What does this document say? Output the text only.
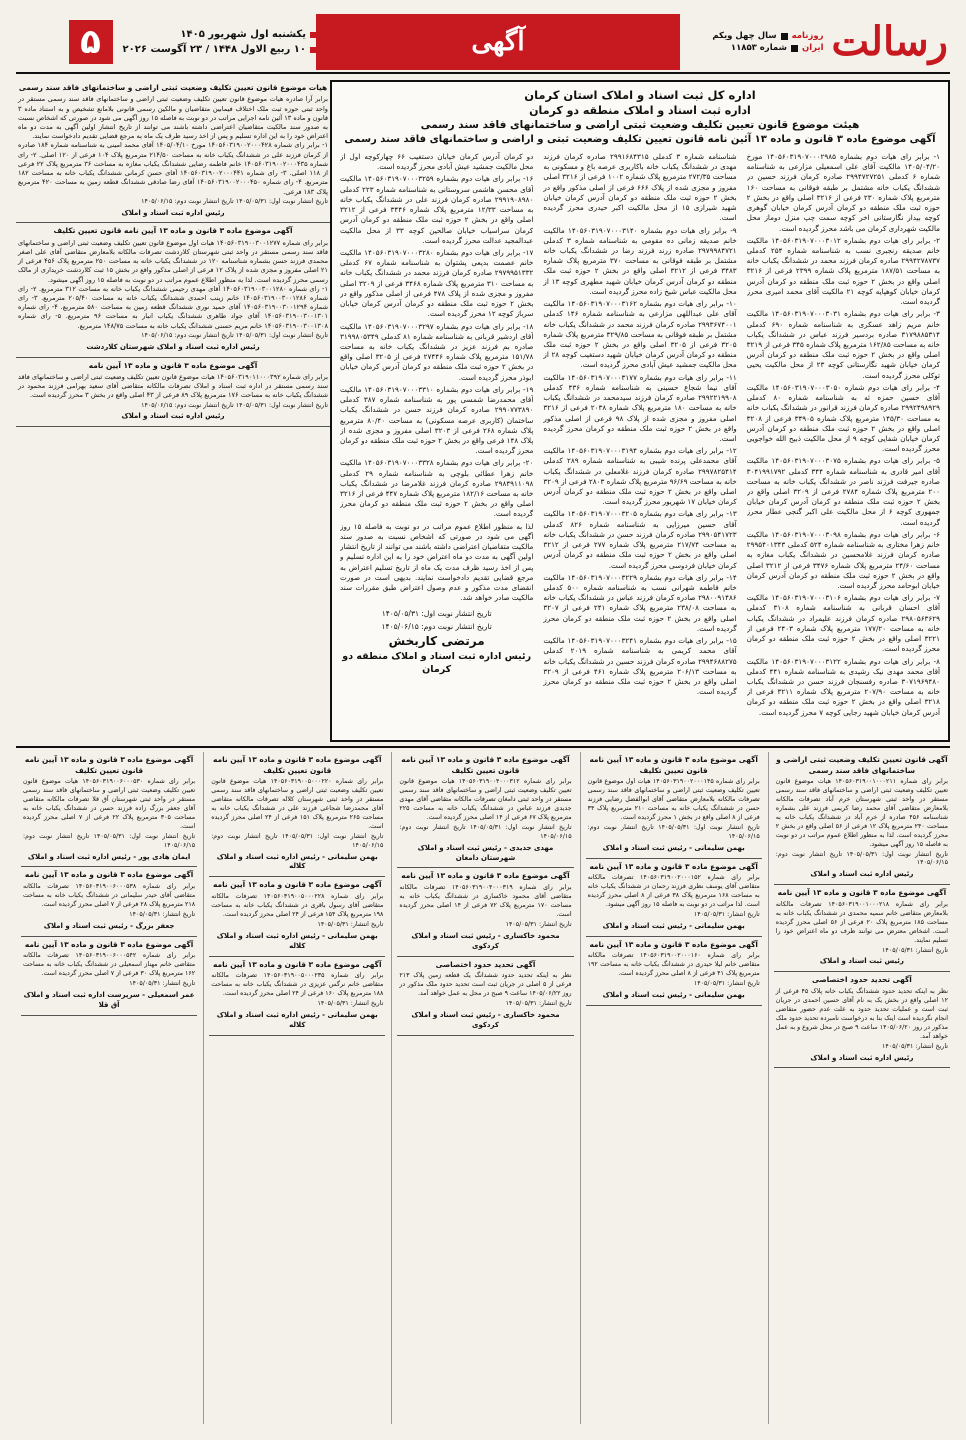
رسالت
روزنامه
سال چهل ویکم
ایران
شماره ۱۱۸۵۳
آگهی
یکشنبه اول شهریور ۱۴۰۵
۱۰ ربیع الاول ۱۴۴۸ / ۲۳ آگوست ۲۰۲۶
۵
اداره کل ثبت اسناد و املاک استان کرمان
اداره ثبت اسناد و املاک منطقه دو کرمان
هیئت موضوع قانون تعیین تکلیف وضعیت ثبتی اراضی و ساختمانهای فاقد سند رسمی
آگهی موضوع ماده ۳ قانون و ماده ۱۳ آئین نامه قانون تعیین تکلیف وضعیت ثبتی و اراضی و ساختمانهای فاقد سند رسمی

۱- برابر رای هیات دوم بشماره ۱۴۰۵۶۰۳۱۹۰۷۰۰۰۲۹۸۵ مورخ ۱۴۰۵/۰۴/۲۰ مالکیت آقای علی اسمعیلی مزارعی به شناسنامه شماره ۶ کدملی ۲۹۹۴۷۲۷۲۵۱ صادره کرمان فرزند حسین در ششدانگ یکباب خانه مشتمل بر طبقه فوقانی به مساحت ۱۶۰ مترمربع پلاک شماره ۲۳۰ فرعی از ۳۲۱۶ اصلی واقع در بخش ۲ حوزه ثبت ملک منطقه دو کرمان آدرس کرمان خیابان گوهری کوچه بیدار نگارستانی اخر کوچه سمت چپ منزل دوماز محل مالکیت شهرداری کرمان می باشد محرز گردیده است.

۲- برابر رای هیات دوم بشماره ۱۴۰۵۶۰۳۱۹۰۷۰۰۰۳۰۱۲ مالکیت خانم صدیقه رنجبری نسب به شناسنامه شماره ۲۵۴ کدملی ۲۹۹۴۲۷۸۷۳۷ صادره کرمان فرزند محمد در ششدانگ یکباب خانه به مساحت ۱۸۷/۵۱ مترمربع پلاک شماره ۲۳۹۹ فرعی از ۳۲۱۶ اصلی واقع در بخش ۲ حوزه ثبت ملک منطقه دو کرمان آدرس کرمان خیابان کوهپایه کوچه ۲۱ مالکیت آقای محمد امیری محرز گردیده است.

۳- برابر رای هیات دوم بشماره ۱۴۰۵۶۰۳۱۹۰۷۰۰۰۳۰۳۱ مالکیت خانم مریم زاهد عسکری به شناسنامه شماره ۶۹۰ کدملی ۳۱۷۹۸۸۵۳۱۴ صادره بردسیر فرزند عباس در ششدانگ یکباب خانه به مساحت ۱۶۲/۸۵ مترمربع پلاک شماره ۳۴۵ فرعی از ۳۲۱۹ اصلی واقع در بخش ۲ حوزه ثبت ملک منطقه دو کرمان آدرس کرمان خیابان شهید نگارستانی کوچه ۲۳ از محل مالکیت یحیی توکلی محرز گردیده است.

۴- برابر رای هیات دوم شماره ۱۴۰۵۶۰۳۱۹۰۷۰۰۰۳۰۵۰ مالکیت آقای حسین حمزه ئه به شناسنامه شماره ۸۰ کدملی ۲۹۹۲۴۹۸۹۲۹ صادره کرمان فرزند قرانور در ششدانگ یکباب خانه به مساحت ۱۴۵/۳۰ مترمربع پلاک شماره ۳۴۹۰۵ فرعی از ۳۲۰۸ اصلی واقع در بخش ۲ حوزه ثبت ملک منطقه دو کرمان آدرس کرمان خیابان شفایی کوچه ۹ از محل مالکیت ذبیح الله خواجویی محرز گردیده است.

۵- برابر رای هیات دوم بشماره ۱۴۰۵۶۰۳۱۹۰۷۰۰۰۳۰۷۵ مالکیت آقای امیر قادری به شناسنامه شماره ۳۴۴ کدملی ۳۰۴۱۹۹۱۷۹۲ صادره جیرفت فرزند ناصر در ششدانگ یکباب خانه به مساحت ۲۰۰ مترمربع پلاک شماره ۲۷۸۴ فرعی از ۳۲۰۹ اصلی واقع در بخش ۲ حوزه ثبت ملک منطقه دو کرمان آدرس کرمان خیابان جمهوری کوچه ۶ از محل مالکیت علی اکبر گنجی عطار محرز گردیده است.

۶- برابر رای هیات دوم بشماره ۱۴۰۵۶۰۳۱۹۰۷۰۰۰۳۰۹۸ مالکیت خانم زهرا مختاری به شناسنامه شماره ۵۲۴ کدملی ۲۹۹۵۴۰۱۳۴۳ صادره کرمان فرزند غلامحسین در ششدانگ یکباب مغازه به مساحت ۲۴/۶۰ مترمربع پلاک شماره ۳۴۷۶ فرعی از ۳۲۱۲ اصلی واقع در بخش ۲ حوزه ثبت ملک منطقه دو کرمان آدرس کرمان خیابان ابوحامد محرز گردیده است.

۷- برابر رای هیات دوم بشماره ۱۴۰۵۶۰۳۱۹۰۷۰۰۰۳۱۰۶ مالکیت آقای احسان قربانی به شناسنامه شماره ۳۱۰۸ کدملی ۲۹۸۰۵۶۳۶۲۹ صادره کرمان فرزند علیمراد در ششدانگ یکباب خانه به مساحت ۱۷۷/۲۰ مترمربع پلاک شماره ۲۴۰۳ فرعی از ۳۲۲۱ اصلی واقع در بخش ۲ حوزه ثبت ملک منطقه دو کرمان محرز گردیده است.

۸- برابر رای هیات دوم بشماره ۱۴۰۵۶۰۳۱۹۰۷۰۰۰۳۱۲۲ مالکیت آقای محمد مهدی نیک رشیدی به شناسنامه شماره ۴۴۱ کدملی ۳۰۷۱۹۶۹۴۸۰ صادره رفسنجان فرزند حسن در ششدانگ یکباب خانه به مساحت ۲۰۷/۹۰ مترمربع پلاک شماره ۳۲۱۱ فرعی از ۳۲۱۸ اصلی واقع در بخش ۲ حوزه ثبت ملک منطقه دو کرمان آدرس کرمان خیابان شهید رجایی کوچه ۷ محرز گردیده است.

شناسنامه شماره ۳ کدملی ۲۹۹۱۶۸۴۳۱۵ صادره کرمان فرزند مهدی در ششدانگ یکباب خانه باکاربری عرصه باغ و مسکونی به مساحت ۲۷۲/۳۵ مترمربع پلاک شماره ۱۰۰۲ فرعی از ۳۲۱۶ اصلی مفروز و مجزی شده از پلاک ۶۶۶ فرعی از اصلی مذکور واقع در بخش ۲ حوزه ثبت ملک منطقه دو کرمان آدرس کرمان خیابان شهید شیرازی ۱۵ از محل مالکیت اکبر حیدری محرز گردیده است.

۹- برابر رای هیات دوم بشماره ۱۴۰۵۶۰۳۱۹۰۷۰۰۰۳۱۴۰ مالکیت خانم صدیقه زمانی ده مقومی به شناسنامه شماره ۳ کدملی ۲۹۷۹۹۸۴۷۲۱ صادره زرند فرزند رضا در ششدانگ یکباب خانه مشتمل بر طبقه فوقانی به مساحت ۳۷۰ مترمربع پلاک شماره ۳۴۸۳ فرعی از ۳۲۱۲ اصلی واقع در بخش ۲ حوزه ثبت ملک منطقه دو کرمان آدرس کرمان خیابان شهید مطهری کوچه ۱۳ از محل مالکیت عباس شیخ زاده محرز گردیده است.

۱۰- برابر رای هیات دوم بشماره ۱۴۰۵۶۰۳۱۹۰۷۰۰۰۳۱۶۲ مالکیت آقای علی عبداللهی مزارعی به شناسنامه شماره ۱۴۶ کدملی ۲۹۹۳۶۷۴۰۰۱ صادره کرمان فرزند محمد در ششدانگ یکباب خانه مشتمل بر طبقه فوقانی به مساحت ۳۲۹/۸۵ مترمربع پلاک شماره ۳۲۰۵ فرعی از ۳۲۰۵ اصلی واقع در بخش ۲ حوزه ثبت ملک منطقه دو کرمان آدرس کرمان خیابان شهید دستغیب کوچه ۲۸ از محل مالکیت جمشید عیش آبادی محرز گردیده است.

۱۱- برابر رای هیات دوم بشماره ۱۴۰۵۶۰۳۱۹۰۷۰۰۰۳۱۷۷ مالکیت آقای نیما شجاع حسینی به شناسنامه شماره ۴۳۶ کدملی ۲۹۹۲۲۱۹۹۰۸ صادره کرمان فرزند سیدمحمد در ششدانگ یکباب خانه به مساحت ۱۸۰ مترمربع پلاک شماره ۲۰۳۸ فرعی از ۳۲۱۶ اصلی مفروز و مجزی شده از پلاک ۹۸ فرعی از اصلی مذکور واقع در بخش ۲ حوزه ثبت ملک منطقه دو کرمان محرز گردیده است.

۱۲- برابر رای هیات دوم بشماره ۱۴۰۵۶۰۳۱۹۰۷۰۰۰۳۱۹۴ مالکیت آقای محمدعلی پرنده شیبی به شناسنامه شماره ۲۸۹ کدملی ۲۹۹۷۸۲۵۴۱۴ صادره کرمان فرزند غلامعلی در ششدانگ یکباب خانه به مساحت ۹۶/۶۹ مترمربع پلاک شماره ۲۸۰۳ فرعی از ۳۲۰۹ اصلی واقع در بخش ۲ حوزه ثبت ملک منطقه دو کرمان آدرس کرمان خیابان ۱۷ شهریور محرز گردیده است.

۱۳- برابر رای هیات دوم بشماره ۱۴۰۵۶۰۳۱۹۰۷۰۰۰۳۲۰۵ مالکیت آقای حسین میرزایی به شناسنامه شماره ۸۲۶ کدملی ۲۹۹۰۵۴۱۷۲۳ صادره کرمان فرزند حسن در ششدانگ یکباب خانه به مساحت ۲۱۷/۷۴ مترمربع پلاک شماره ۲۷۷ فرعی از ۳۲۱۲ اصلی واقع در بخش ۲ حوزه ثبت ملک منطقه دو کرمان آدرس کرمان خیابان فردوسی محرز گردیده است.

۱۴- برابر رای هیات دوم بشماره ۱۴۰۵۶۰۳۱۹۰۷۰۰۰۳۲۲۹ مالکیت خانم فاطمه شهرانی نسب به شناسنامه شماره ۵۰۰ کدملی ۲۹۸۰۰۹۱۴۸۶ صادره کرمان فرزند عباس در ششدانگ یکباب خانه به مساحت ۲۳۸/۰۸ مترمربع پلاک شماره ۲۴۱ فرعی از ۳۲۰۷ اصلی واقع در بخش ۲ حوزه ثبت ملک منطقه دو کرمان محرز گردیده است.

۱۵- برابر رای هیات دوم بشماره ۱۴۰۵۶۰۳۱۹۰۷۰۰۰۳۲۴۱ مالکیت آقای محمد کریمی به شناسنامه شماره ۲۰۱۹ کدملی ۲۹۹۴۶۸۸۲۷۵ صادره کرمان فرزند حسین در ششدانگ یکباب خانه به مساحت ۲۰۶/۱۳ مترمربع پلاک شماره ۴۶۱ فرعی از ۳۲۰۹ اصلی واقع در بخش ۲ حوزه ثبت ملک منطقه دو کرمان محرز گردیده است.

دو کرمان آدرس کرمان خیابان دستغیب ۶۶ چهارکوچه اول از محل مالکیت جمشید عیش آبادی محرز گردیده است.

۱۶- برابر رای هیات دوم بشماره ۱۴۰۵۶۰۳۱۹۰۷۰۰۰۳۲۵۹ مالکیت آقای محسن هاشمی سروستانی به شناسنامه شماره ۲۲۳ کدملی ۲۹۹۱۹۰۸۹۸۰ صادره کرمان فرزند علی در ششدانگ یکباب خانه به مساحت ۱۲/۳۳ مترمربع پلاک شماره ۳۴۴۶ فرعی از ۳۲۱۲ اصلی واقع در بخش ۲ حوزه ثبت ملک منطقه دو کرمان آدرس کرمان سراسیاب خیابان صالحین کوچه ۳۳ از محل مالکیت عبدالمجید عدالت محرز گردیده است.

۱۷- برابر رای هیات دوم بشماره ۱۴۰۵۶۰۳۱۹۰۷۰۰۰۳۲۸۰ مالکیت خانم عصمت بدیعی پشتوان به شناسنامه شماره ۶۷ کدملی ۲۹۷۹۹۵۱۳۳۲ صادره کرمان فرزند محمد در ششدانگ یکباب خانه به مساحت ۳۱۰ مترمربع پلاک شماره ۳۴۶۸ فرعی از ۳۲۰۹ اصلی مفروز و مجزی شده از پلاک ۴۷۸ فرعی از اصلی مذکور واقع در بخش ۲ حوزه ثبت ملک منطقه دو کرمان آدرس کرمان خیابان سرباز کوچه ۱۲ محرز گردیده است.

۱۸- برابر رای هیات دوم بشماره ۱۴۰۵۶۰۳۱۹۰۷۰۰۰۳۲۹۷ مالکیت آقای اردشیر قربانی به شناسنامه شماره ۸۱ کدملی ۳۱۹۹۸۰۵۳۴۹ صادره بم فرزند عزیز در ششدانگ یکباب خانه به مساحت ۱۵۱/۷۸ مترمربع پلاک شماره ۲۷۴۴۶ فرعی از ۳۲۰۵ اصلی واقع در بخش ۲ حوزه ثبت ملک منطقه دو کرمان آدرس کرمان خیابان ابوذر محرز گردیده است.

۱۹- برابر رای هیات دوم بشماره ۱۴۰۵۶۰۳۱۹۰۷۰۰۰۳۳۱۰ مالکیت آقای محمدرضا شمسی پور به شناسنامه شماره ۳۸۷ کدملی ۲۹۹۰۷۷۳۸۹۰ صادره کرمان فرزند حسن در ششدانگ یکباب ساختمان (کاربری عرصه مسکونی) به مساحت ۸۰/۴۰ مترمربع پلاک شماره ۲۶۸ فرعی از ۳۲۰۳ اصلی مفروز و مجزی شده از پلاک ۱۴۸ فرعی واقع در بخش ۲ حوزه ثبت ملک منطقه دو کرمان محرز گردیده است.

۲۰- برابر رای هیات دوم بشماره ۱۴۰۵۶۰۳۱۹۰۷۰۰۰۳۳۲۸ مالکیت خانم زهرا عطائی بلوچی به شناسنامه شماره ۲۹ کدملی ۲۹۸۴۹۱۱۰۹۸ صادره کرمان فرزند غلامرضا در ششدانگ یکباب خانه به مساحت ۱۸۲/۱۶ مترمربع پلاک شماره ۴۴۷ فرعی از ۳۲۱۶ اصلی واقع در بخش ۲ حوزه ثبت ملک منطقه دو کرمان محرز گردیده است.

لذا به منظور اطلاع عموم مراتب در دو نوبت به فاصله ۱۵ روز آگهی می شود در صورتی که اشخاص نسبت به صدور سند مالکیت متقاضیان اعتراضی داشته باشند می توانند از تاریخ انتشار اولین آگهی به مدت دو ماه اعتراض خود را به این اداره تسلیم و پس از اخذ رسید ظرف مدت یک ماه از تاریخ تسلیم اعتراض به مرجع قضایی تقدیم دادخواست نمایند. بدیهی است در صورت انقضای مدت مذکور و عدم وصول اعتراض طبق مقررات سند مالکیت صادر خواهد شد.

تاریخ انتشار نوبت اول: ۱۴۰۵/۰۵/۳۱
تاریخ انتشار نوبت دوم: ۱۴۰۵/۰۶/۱۵
مرتضی کاربخش
رئیس اداره ثبت اسناد و املاک منطقه دو کرمان
هیات موضوع قانون تعیین تکلیف وضعیت ثبتی اراضی و ساختمانهای فاقد سند رسمی
برابر آرا صادره هیات موضوع قانون تعیین تکلیف وضعیت ثبتی اراضی و ساختمانهای فاقد سند رسمی مستقر در واحد ثبتی حوزه ثبت ملک اختلاف فیمابین متقاضیان و مالکین رسمی قانونی بلامانع تشخیص و به استناد ماده ۳ قانون و ماده ۱۳ آئین نامه اجرایی مراتب در دو نوبت به فاصله ۱۵ روز آگهی می شود در صورتی که اشخاص نسبت به صدور سند مالکیت متقاضیان اعتراضی داشته باشند می توانند از تاریخ انتشار اولین آگهی به مدت دو ماه اعتراض خود را به این اداره تسلیم و پس از اخذ رسید ظرف یک ماه به مرجع قضایی تقدیم دادخواست نمایند.
۱- برابر رای شماره ۱۴۰۵۶۰۳۱۹۰۰۲۰۰۰۴۲۸ مورخ ۱۴۰۵/۰۴/۱۰ آقای محمد امینی به شناسنامه شماره ۱۸۴ صادره از کرمان فرزند علی در ششدانگ یکباب خانه به مساحت ۲۱۴/۵۰ مترمربع پلاک ۱۰۴ فرعی از ۱۲۰ اصلی. ۲- رای شماره ۱۴۰۵۶۰۳۱۹۰۰۲۰۰۰۴۳۵ خانم فاطمه رضایی ششدانگ یکباب مغازه به مساحت ۳۶ مترمربع پلاک ۲۲ فرعی از ۱۱۸ اصلی. ۳- رای شماره ۱۴۰۵۶۰۳۱۹۰۰۲۰۰۰۴۴۱ آقای حسن کرمانی ششدانگ یکباب خانه به مساحت ۱۸۲ مترمربع. ۴- رای شماره ۱۴۰۵۶۰۳۱۹۰۰۲۰۰۰۴۵۰ آقای رضا صادقی ششدانگ قطعه زمین به مساحت ۴۲۰ مترمربع پلاک ۱۸۳ فرعی.
تاریخ انتشار نوبت اول: ۱۴۰۵/۰۵/۳۱ تاریخ انتشار نوبت دوم: ۱۴۰۵/۰۶/۱۵
رئیس اداره ثبت اسناد و املاک
آگهی موضوع ماده ۳ قانون و ماده ۱۳ آیین نامه قانون تعیین تکلیف
برابر رای شماره ۱۴۰۵۶۰۳۱۹۰۰۳۰۰۱۲۷۷ هیات اول موضوع قانون تعیین تکلیف وضعیت ثبتی اراضی و ساختمانهای فاقد سند رسمی مستقر در واحد ثبتی شهرستان کلاردشت تصرفات مالکانه بلامعارض متقاضی آقای علی اصغر محمدی فرزند حسن بشماره شناسنامه ۱۲۰ در ششدانگ یکباب خانه به مساحت ۲۵۰ مترمربع پلاک ۴۵۶ فرعی از ۲۱ اصلی مفروز و مجزی شده از پلاک ۱۲ فرعی از اصلی مذکور واقع در بخش ۱۵ ثبت کلاردشت خریداری از مالک رسمی محرز گردیده است. لذا به منظور اطلاع عموم مراتب در دو نوبت به فاصله ۱۵ روز آگهی میشود.
۱- رای شماره ۱۴۰۵۶۰۳۱۹۰۰۳۰۰۱۲۸۰ آقای مهدی رحیمی ششدانگ یکباب خانه به مساحت ۳۱۲ مترمربع. ۲- رای شماره ۱۴۰۵۶۰۳۱۹۰۰۳۰۰۱۲۸۶ خانم زینب احمدی ششدانگ یکباب خانه به مساحت ۲۰۵/۴۰ مترمربع. ۳- رای شماره ۱۴۰۵۶۰۳۱۹۰۰۳۰۰۱۲۹۴ آقای حمید نوری ششدانگ قطعه زمین به مساحت ۵۸۰ مترمربع. ۴- رای شماره ۱۴۰۵۶۰۳۱۹۰۰۳۰۰۱۳۰۱ آقای جواد طاهری ششدانگ یکباب انبار به مساحت ۹۶ مترمربع. ۵- رای شماره ۱۴۰۵۶۰۳۱۹۰۰۳۰۰۱۳۰۸ خانم مریم حسنی ششدانگ یکباب خانه به مساحت ۱۴۸/۷۵ مترمربع.
تاریخ انتشار نوبت اول: ۱۴۰۵/۰۵/۳۱ تاریخ انتشار نوبت دوم: ۱۴۰۵/۰۶/۱۵
رئیس اداره ثبت اسناد و املاک شهرستان کلاردشت
آگهی موضوع ماده ۳ قانون و ماده ۱۳ آیین نامه
برابر رای شماره ۱۴۰۵۶۰۳۱۹۰۱۱۰۰۰۳۹۲ هیات موضوع قانون تعیین تکلیف وضعیت ثبتی اراضی و ساختمانهای فاقد سند رسمی مستقر در اداره ثبت اسناد و املاک تصرفات مالکانه متقاضی آقای سعید بهرامی فرزند محمود در ششدانگ یکباب خانه به مساحت ۱۷۶ مترمربع پلاک ۸۹ فرعی از ۴۳ اصلی واقع در بخش ۳ محرز گردیده است.
تاریخ انتشار نوبت اول: ۱۴۰۵/۰۵/۳۱ تاریخ انتشار نوبت دوم: ۱۴۰۵/۰۶/۱۵
رئیس اداره ثبت اسناد و املاک
آگهی قانون تعیین تکلیف وضعیت ثبتی اراضی و ساختمانهای فاقد سند رسمی
برابر رای شماره ۱۴۰۵۶۰۳۱۹۰۰۱۰۰۰۲۱۱ هیات موضوع قانون تعیین تکلیف وضعیت ثبتی اراضی و ساختمانهای فاقد سند رسمی مستقر در واحد ثبتی شهرستان خرم آباد تصرفات مالکانه بلامعارض متقاضی آقای محمد رضا کریمی فرزند علی بشماره شناسنامه ۴۵۶ صادره از خرم آباد در ششدانگ یکباب خانه به مساحت ۲۴۰ مترمربع پلاک ۱۲ فرعی از ۵۶ اصلی واقع در بخش ۲ محرز گردیده است. لذا به منظور اطلاع عموم مراتب در دو نوبت به فاصله ۱۵ روز آگهی میشود.
تاریخ انتشار نوبت اول: ۱۴۰۵/۰۵/۳۱ تاریخ انتشار نوبت دوم: ۱۴۰۵/۰۶/۱۵
رئیس اداره ثبت اسناد و املاک
آگهی موضوع ماده ۳ قانون و ماده ۱۳ آیین نامه
برابر رای شماره ۱۴۰۵۶۰۳۱۹۰۰۱۰۰۰۲۱۸ تصرفات مالکانه بلامعارض متقاضی خانم سمیه محمدی در ششدانگ یکباب خانه به مساحت ۱۸۵ مترمربع پلاک ۲۰ فرعی از ۵۶ اصلی محرز گردیده است. اشخاص معترض می توانند ظرف دو ماه اعتراض خود را تسلیم نمایند.
تاریخ انتشار: ۱۴۰۵/۰۵/۳۱
رئیس ثبت اسناد و املاک
آگهی تحدید حدود اختصاصی
نظر به اینکه تحدید حدود ششدانگ یکباب خانه پلاک ۴۵ فرعی از ۱۲ اصلی واقع در بخش یک به نام آقای حسین احمدی در جریان ثبت است و عملیات تحدید حدود به علت عدم حضور متقاضی انجام نگردیده است اینک بنا به درخواست نامبرده تحدید حدود ملک مذکور در روز ۱۴۰۵/۰۶/۲۰ ساعت ۹ صبح در محل شروع و به عمل خواهد آمد.
تاریخ انتشار: ۱۴۰۵/۰۵/۳۱
رئیس اداره ثبت اسناد و املاک
آگهی موضوع ماده ۳ قانون و ماده ۱۳ آیین نامه قانون تعیین تکلیف
برابر رای شماره ۱۴۰۵۶۰۳۱۹۰۰۲۰۰۰۱۴۵ هیات اول موضوع قانون تعیین تکلیف وضعیت ثبتی اراضی و ساختمانهای فاقد سند رسمی تصرفات مالکانه بلامعارض متقاضی آقای ابوالفضل رضایی فرزند حسن در ششدانگ یکباب خانه به مساحت ۲۱۰ مترمربع پلاک ۳۴ فرعی از ۸ اصلی واقع در بخش ۱ محرز گردیده است.
تاریخ انتشار نوبت اول: ۱۴۰۵/۰۵/۳۱ تاریخ انتشار نوبت دوم: ۱۴۰۵/۰۶/۱۵
بهمن سلیمانی - رئیس ثبت اسناد و املاک
آگهی موضوع ماده ۳ قانون و ماده ۱۳ آیین نامه
برابر رای شماره ۱۴۰۵۶۰۳۱۹۰۰۲۰۰۰۱۵۲ تصرفات مالکانه متقاضی آقای یوسف نظری فرزند رحمان در ششدانگ یکباب خانه به مساحت ۱۶۸ مترمربع پلاک ۳۸ فرعی از ۸ اصلی محرز گردیده است. لذا مراتب در دو نوبت به فاصله ۱۵ روز آگهی میشود.
تاریخ انتشار: ۱۴۰۵/۰۵/۳۱
بهمن سلیمانی - رئیس ثبت اسناد و املاک
آگهی موضوع ماده ۳ قانون و ماده ۱۳ آیین نامه
برابر رای شماره ۱۴۰۵۶۰۳۱۹۰۰۲۰۰۰۱۶۰ تصرفات مالکانه متقاضی خانم لیلا حیدری در ششدانگ یکباب خانه به مساحت ۱۹۲ مترمربع پلاک ۴۱ فرعی از ۸ اصلی محرز گردیده است.
تاریخ انتشار: ۱۴۰۵/۰۵/۳۱
بهمن سلیمانی - رئیس ثبت اسناد و املاک
آگهی موضوع ماده ۳ قانون و ماده ۱۳ آیین نامه قانون تعیین تکلیف
برابر رای شماره ۱۴۰۵۶۰۳۱۹۰۰۴۰۰۰۳۱۲ هیات موضوع قانون تعیین تکلیف وضعیت ثبتی اراضی و ساختمانهای فاقد سند رسمی مستقر در واحد ثبتی دامغان تصرفات مالکانه متقاضی آقای مهدی جدیدی فرزند عباس در ششدانگ یکباب خانه به مساحت ۲۲۵ مترمربع پلاک ۶۷ فرعی از ۱۴ اصلی محرز گردیده است.
تاریخ انتشار نوبت اول: ۱۴۰۵/۰۵/۳۱ تاریخ انتشار نوبت دوم: ۱۴۰۵/۰۶/۱۵
مهدی جدیدی - رئیس ثبت اسناد و املاک شهرستان دامغان
آگهی موضوع ماده ۳ قانون و ماده ۱۳ آیین نامه
برابر رای شماره ۱۴۰۵۶۰۳۱۹۰۰۴۰۰۰۳۱۹ تصرفات مالکانه متقاضی آقای محمود خاکساری در ششدانگ یکباب خانه به مساحت ۱۷۰ مترمربع پلاک ۷۲ فرعی از ۱۴ اصلی محرز گردیده است.
تاریخ انتشار: ۱۴۰۵/۰۵/۳۱
محمود خاکساری - رئیس ثبت اسناد و املاک کردکوی
آگهی تحدید حدود اختصاصی
نظر به اینکه تحدید حدود ششدانگ یک قطعه زمین پلاک ۲۱۳ فرعی از ۵ اصلی در جریان ثبت است تحدید حدود ملک مذکور در روز ۱۴۰۵/۰۶/۲۲ ساعت ۹ صبح در محل به عمل خواهد آمد.
تاریخ انتشار: ۱۴۰۵/۰۵/۳۱
محمود خاکساری - رئیس ثبت اسناد و املاک کردکوی
آگهی موضوع ماده ۳ قانون و ماده ۱۳ آیین نامه قانون تعیین تکلیف
برابر رای شماره ۱۴۰۵۶۰۳۱۹۰۰۵۰۰۰۲۲۰ هیات موضوع قانون تعیین تکلیف وضعیت ثبتی اراضی و ساختمانهای فاقد سند رسمی مستقر در واحد ثبتی شهرستان کلاله تصرفات مالکانه متقاضی آقای محمدرضا شجاعی فرزند علی در ششدانگ یکباب خانه به مساحت ۲۶۵ مترمربع پلاک ۱۵۱ فرعی از ۲۴ اصلی محرز گردیده است.
تاریخ انتشار نوبت اول: ۱۴۰۵/۰۵/۳۱ تاریخ انتشار نوبت دوم: ۱۴۰۵/۰۶/۱۵
بهمن سلیمانی - رئیس اداره ثبت اسناد و املاک کلاله
آگهی موضوع ماده ۳ قانون و ماده ۱۳ آیین نامه
برابر رای شماره ۱۴۰۵۶۰۳۱۹۰۰۵۰۰۰۲۲۸ تصرفات مالکانه متقاضی آقای رسول باقری در ششدانگ یکباب خانه به مساحت ۱۹۸ مترمربع پلاک ۱۵۴ فرعی از ۲۴ اصلی محرز گردیده است.
تاریخ انتشار: ۱۴۰۵/۰۵/۳۱
بهمن سلیمانی - رئیس اداره ثبت اسناد و املاک کلاله
آگهی موضوع ماده ۳ قانون و ماده ۱۳ آیین نامه
برابر رای شماره ۱۴۰۵۶۰۳۱۹۰۰۵۰۰۰۲۳۵ تصرفات مالکانه متقاضی خانم نرگس عزیزی در ششدانگ یکباب خانه به مساحت ۱۸۸ مترمربع پلاک ۱۶۰ فرعی از ۲۴ اصلی محرز گردیده است.
تاریخ انتشار: ۱۴۰۵/۰۵/۳۱
بهمن سلیمانی - رئیس اداره ثبت اسناد و املاک کلاله
آگهی موضوع ماده ۳ قانون و ماده ۱۳ آیین نامه قانون تعیین تکلیف
برابر رای شماره ۱۴۰۵۶۰۳۱۹۰۰۶۰۰۰۵۳۰ هیات موضوع قانون تعیین تکلیف وضعیت ثبتی اراضی و ساختمانهای فاقد سند رسمی مستقر در واحد ثبتی شهرستان آق قلا تصرفات مالکانه متقاضی آقای جعفر بزرگ زاده فرزند حسن در ششدانگ یکباب خانه به مساحت ۳۰۵ مترمربع پلاک ۲۲ فرعی از ۷ اصلی محرز گردیده است.
تاریخ انتشار نوبت اول: ۱۴۰۵/۰۵/۳۱ تاریخ انتشار نوبت دوم: ۱۴۰۵/۰۶/۱۵
ایمان هادی پور - رئیس اداره ثبت اسناد و املاک
آگهی موضوع ماده ۳ قانون و ماده ۱۳ آیین نامه
برابر رای شماره ۱۴۰۵۶۰۳۱۹۰۰۶۰۰۰۵۳۸ تصرفات مالکانه متقاضی آقای حیدر سلیمانی در ششدانگ یکباب خانه به مساحت ۲۱۸ مترمربع پلاک ۲۸ فرعی از ۷ اصلی محرز گردیده است.
تاریخ انتشار: ۱۴۰۵/۰۵/۳۱
جعفر بزرگ - رئیس ثبت اسناد و املاک
آگهی موضوع ماده ۳ قانون و ماده ۱۳ آیین نامه
برابر رای شماره ۱۴۰۵۶۰۳۱۹۰۰۶۰۰۰۵۴۲ تصرفات مالکانه متقاضی خانم مهناز اسمعیلی در ششدانگ یکباب خانه به مساحت ۱۶۲ مترمربع پلاک ۳۰ فرعی از ۷ اصلی محرز گردیده است.
تاریخ انتشار: ۱۴۰۵/۰۵/۳۱
عمر اسمعیلی - سرپرست اداره ثبت اسناد و املاک آق قلا
